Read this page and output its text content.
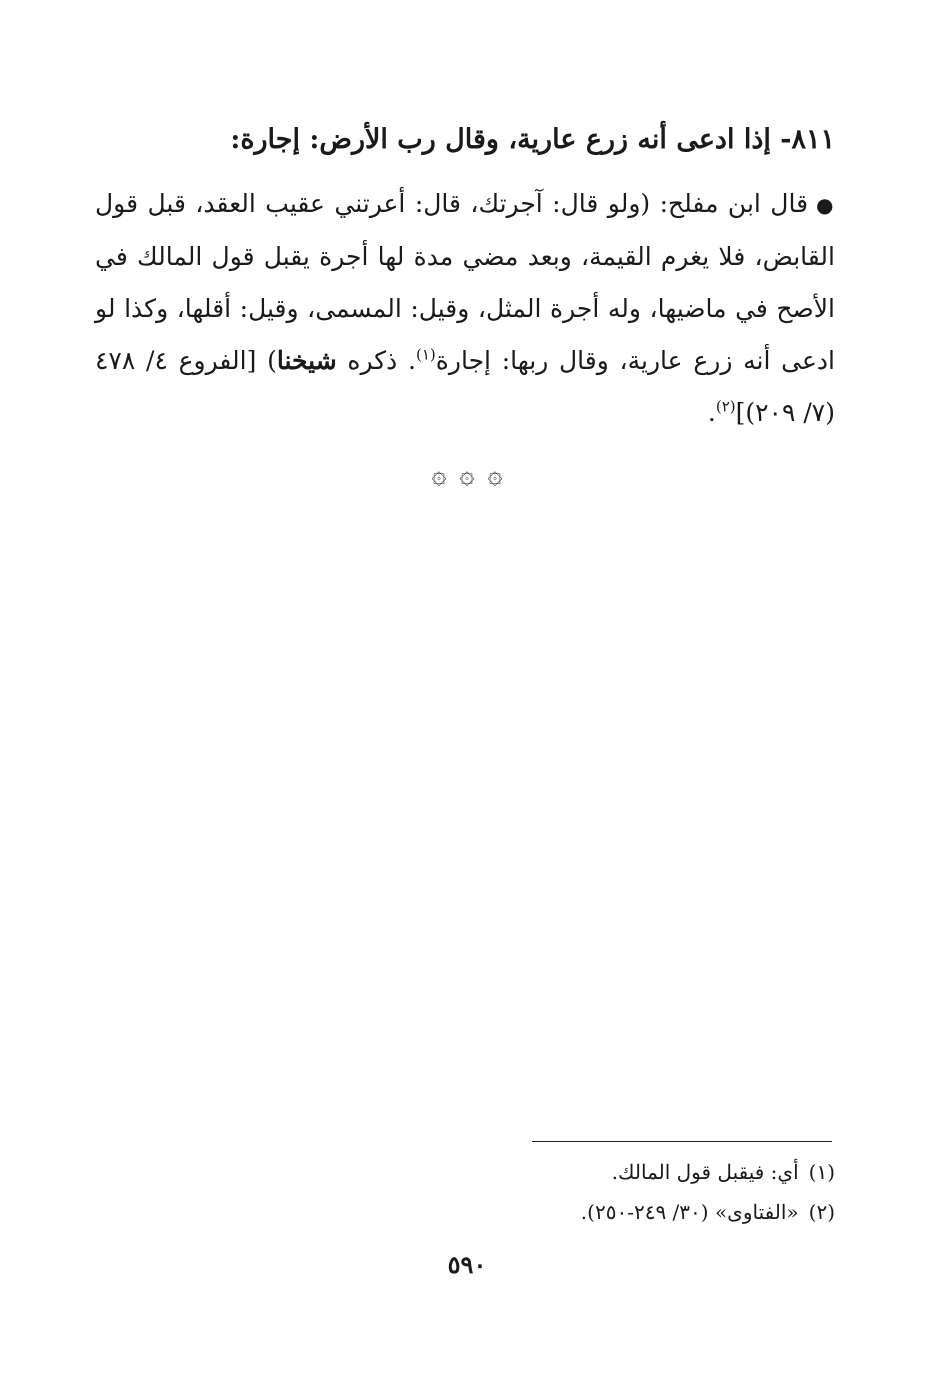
٨١١- إذا ادعى أنه زرع عارية، وقال رب الأرض: إجارة:
●قال ابن مفلح: (ولو قال: آجرتك، قال: أعرتني عقيب العقد، قبل قول القابض، فلا يغرم القيمة، وبعد مضي مدة لها أجرة يقبل قول المالك في الأصح في ماضيها، وله أجرة المثل، وقيل: المسمى، وقيل: أقلها، وكذا لو ادعى أنه زرع عارية، وقال ربها: إجارة$^{(١)}$. ذكره شيخنا) [الفروع ٤/ ٤٧٨ (٧/ ٢٠٩)]$^{(٢)}$.
۞ ۞ ۞
(١)أي: فيقبل قول المالك.
(٢)«الفتاوى» (٣٠/ ٢٤٩-٢٥٠).
٥٩٠
